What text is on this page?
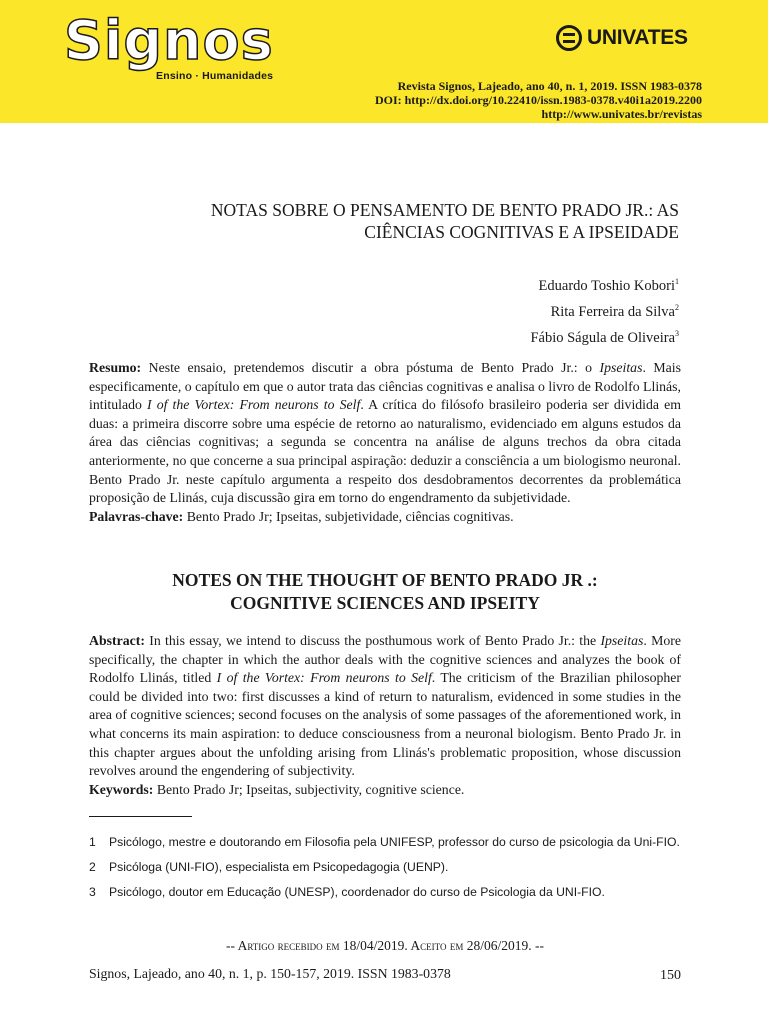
Signos
Ensino · Humanidades
UNIVATES
Revista Signos, Lajeado, ano 40, n. 1, 2019. ISSN 1983-0378
DOI: http://dx.doi.org/10.22410/issn.1983-0378.v40i1a2019.2200
http://www.univates.br/revistas
NOTAS SOBRE O PENSAMENTO DE BENTO PRADO JR.: AS
CIÊNCIAS COGNITIVAS E A IPSEIDADE
Eduardo Toshio Kobori$^1$
Rita Ferreira da Silva$^2$
Fábio Ságula de Oliveira$^3$
Resumo: Neste ensaio, pretendemos discutir a obra póstuma de Bento Prado Jr.: o Ipseitas. Mais especificamente, o capítulo em que o autor trata das ciências cognitivas e analisa o livro de Rodolfo Llinás, intitulado I of the Vortex: From neurons to Self. A crítica do filósofo brasileiro poderia ser dividida em duas: a primeira discorre sobre uma espécie de retorno ao naturalismo, evidenciado em alguns estudos da área das ciências cognitivas; a segunda se concentra na análise de alguns trechos da obra citada anteriormente, no que concerne a sua principal aspiração: deduzir a consciência a um biologismo neuronal. Bento Prado Jr. neste capítulo argumenta a respeito dos desdobramentos decorrentes da problemática proposição de Llinás, cuja discussão gira em torno do engendramento da subjetividade.
Palavras-chave: Bento Prado Jr; Ipseitas, subjetividade, ciências cognitivas.
NOTES ON THE THOUGHT OF BENTO PRADO JR .:
COGNITIVE SCIENCES AND IPSEITY
Abstract: In this essay, we intend to discuss the posthumous work of Bento Prado Jr.: the Ipseitas. More specifically, the chapter in which the author deals with the cognitive sciences and analyzes the book of Rodolfo Llinás, titled I of the Vortex: From neurons to Self. The criticism of the Brazilian philosopher could be divided into two: first discusses a kind of return to naturalism, evidenced in some studies in the area of cognitive sciences; second focuses on the analysis of some passages of the aforementioned work, in what concerns its main aspiration: to deduce consciousness from a neuronal biologism. Bento Prado Jr. in this chapter argues about the unfolding arising from Llinás's problematic proposition, whose discussion revolves around the engendering of subjectivity.
Keywords: Bento Prado Jr; Ipseitas, subjectivity, cognitive science.
1	Psicólogo, mestre e doutorando em Filosofia pela UNIFESP, professor do curso de psicologia da Uni-FIO.
2	Psicóloga (UNI-FIO), especialista em Psicopedagogia (UENP).
3	Psicólogo, doutor em Educação (UNESP), coordenador do curso de Psicologia da UNI-FIO.
-- Artigo recebido em 18/04/2019. Aceito em 28/06/2019. --
Signos, Lajeado, ano 40, n. 1, p. 150-157, 2019. ISSN 1983-0378	150
